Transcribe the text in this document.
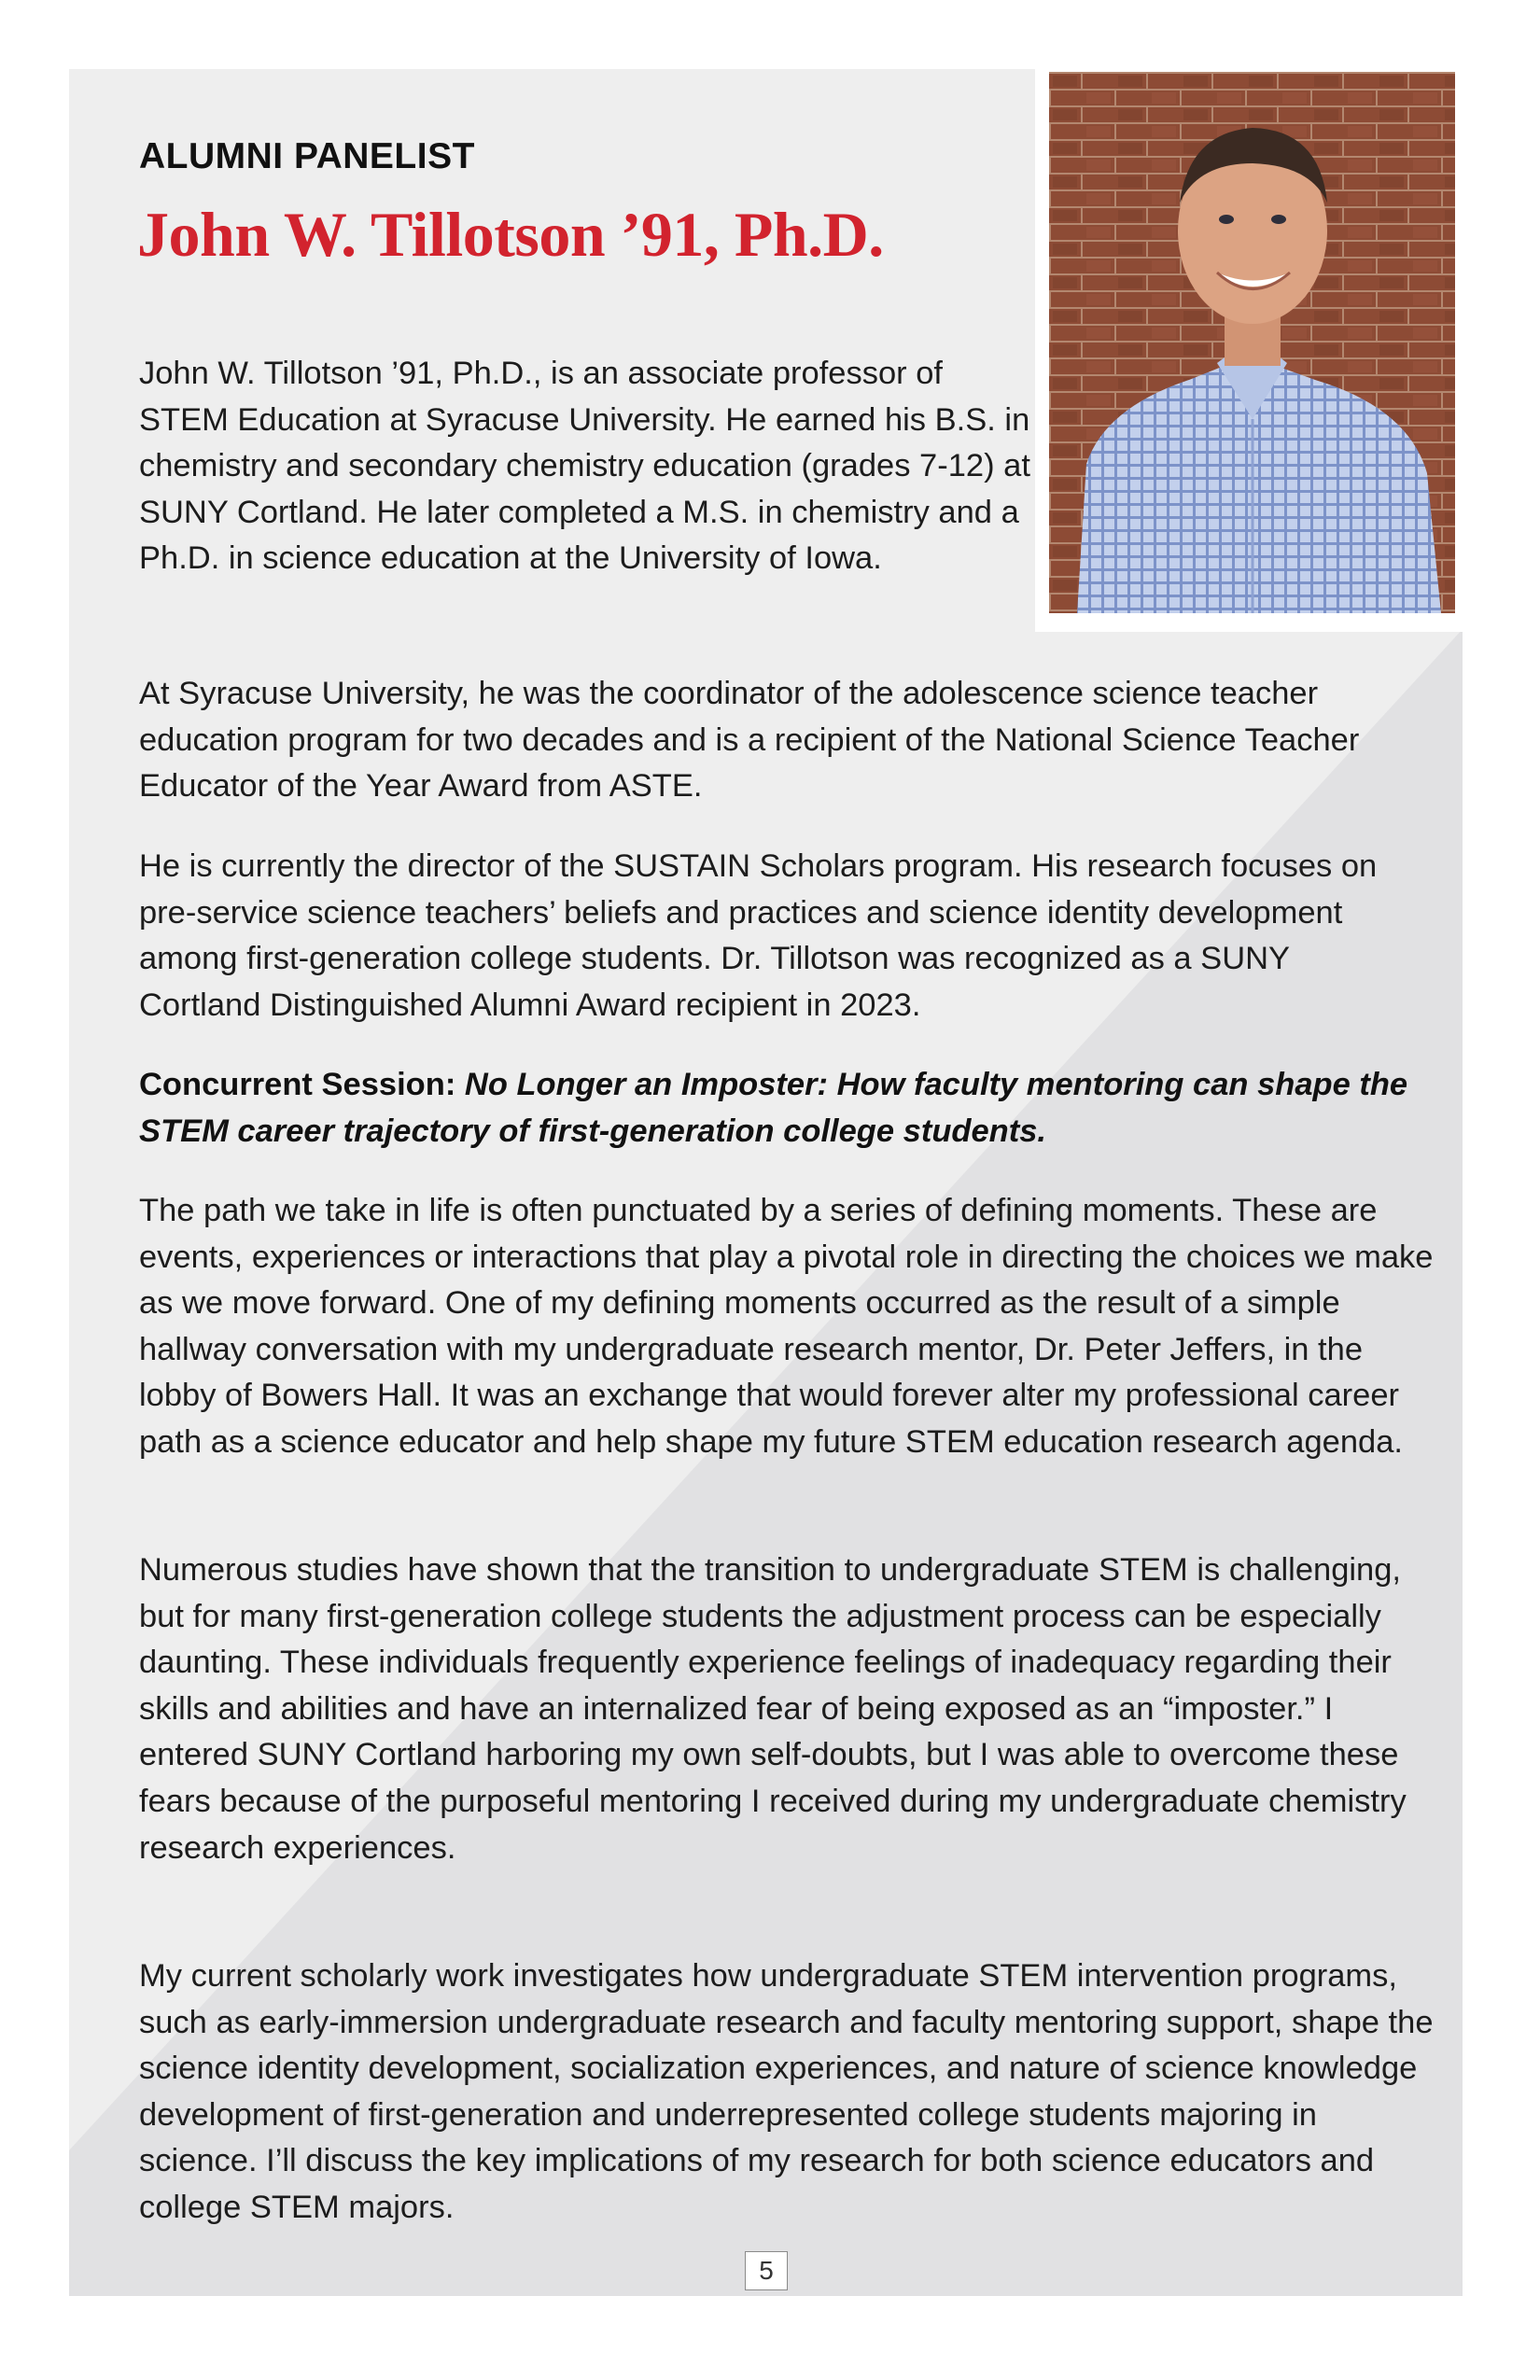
ALUMNI PANELIST
John W. Tillotson ’91, Ph.D.

John W. Tillotson ’91, Ph.D., is an associate professor of STEM Education at Syracuse University. He earned his B.S. in chemistry and secondary chemistry education (grades 7-12) at SUNY Cortland. He later completed a M.S. in chemistry and a Ph.D. in science education at the University of Iowa.

At Syracuse University, he was the coordinator of the adolescence science teacher education program for two decades and is a recipient of the National Science Teacher Educator of the Year Award from ASTE.

He is currently the director of the SUSTAIN Scholars program. His research focuses on pre-service science teachers’ beliefs and practices and science identity development among first-generation college students. Dr. Tillotson was recognized as a SUNY Cortland Distinguished Alumni Award recipient in 2023.

Concurrent Session: No Longer an Imposter: How faculty mentoring can shape the STEM career trajectory of first-generation college students.

The path we take in life is often punctuated by a series of defining moments. These are events, experiences or interactions that play a pivotal role in directing the choices we make as we move forward. One of my defining moments occurred as the result of a simple hallway conversation with my undergraduate research mentor, Dr. Peter Jeffers, in the lobby of Bowers Hall. It was an exchange that would forever alter my professional career path as a science educator and help shape my future STEM education research agenda.

Numerous studies have shown that the transition to undergraduate STEM is challenging, but for many first-generation college students the adjustment process can be especially daunting. These individuals frequently experience feelings of inadequacy regarding their skills and abilities and have an internalized fear of being exposed as an “imposter.” I entered SUNY Cortland harboring my own self-doubts, but I was able to overcome these fears because of the purposeful mentoring I received during my undergraduate chemistry research experiences.

My current scholarly work investigates how undergraduate STEM intervention programs, such as early-immersion undergraduate research and faculty mentoring support, shape the science identity development, socialization experiences, and nature of science knowledge development of first-generation and underrepresented college students majoring in science. I’ll discuss the key implications of my research for both science educators and college STEM majors.

5
